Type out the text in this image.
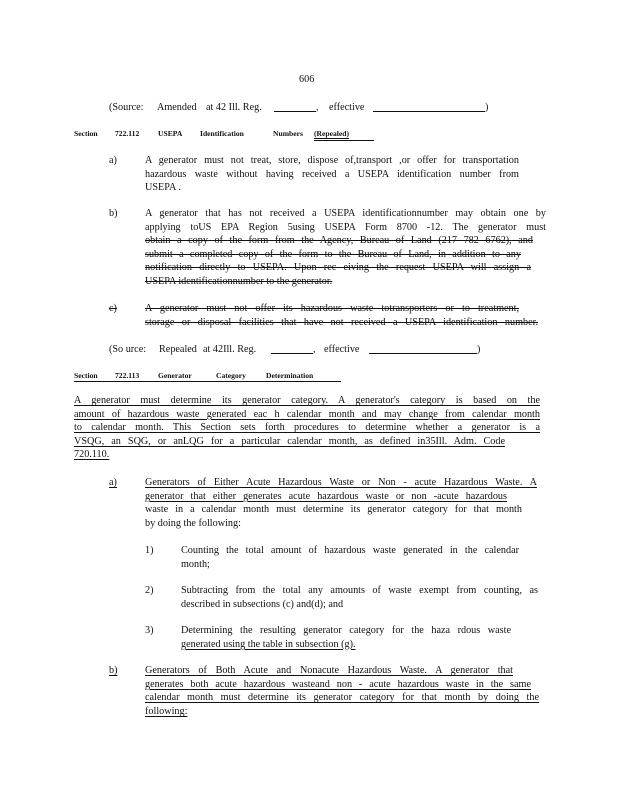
606
(Source: Amended at 42 Ill. Reg.	, effective	)
Section 722.112 USEPA Identification	Numbers (Repealed)
a)	A generator must not treat, store, dispose of,transport ,or offer for transportation
hazardous waste without having received a USEPA identification number from
USEPA .
b)	A generator that has not received a USEPA identificationnumber may obtain one by
applying toUS EPA Region 5using USEPA Form 8700 -12. The generator must
obtain a copy of the form from the Agency, Bureau of Land (217 782 6762), and
submit a completed copy of the form to the Bureau of Land, in addition to any
notification directly to USEPA. Upon rec eiving the request USEPA will assign a
USEPA identificationnumber to the generator.
c)	A generator must not offer its hazardous waste totransporters or to treatment,
storage or disposal facilities that have not received a USEPA identification number.
(So urce: Repealed at 42Ill. Reg.	, effective	)
Section 722.113 Generator	Category	Determination
A generator must determine its generator category. A generator's category is based on the
amount of hazardous waste generated eac h calendar month and may change from calendar month
to calendar month. This Section sets forth procedures to determine whether a generator is a
VSQG, an SQG, or anLQG for a particular calendar month, as defined in35Ill. Adm. Code
720.110.
a)	Generators of Either Acute Hazardous Waste or Non - acute Hazardous Waste. A
generator that either generates acute hazardous waste or non -acute hazardous
waste in a calendar month must determine its generator category for that month
by doing the following:
1)	Counting the total amount of hazardous waste generated in the calendar
month;
2)	Subtracting from the total any amounts of waste exempt from counting, as
described in subsections (c) and(d); and
3)	Determining the resulting generator category for the haza rdous waste
generated using the table in subsection (g).
b)	Generators of Both Acute and Nonacute Hazardous Waste. A generator that
generates both acute hazardous wasteand non - acute hazardous waste in the same
calendar month must determine its generator category for that month by doing the
following:
